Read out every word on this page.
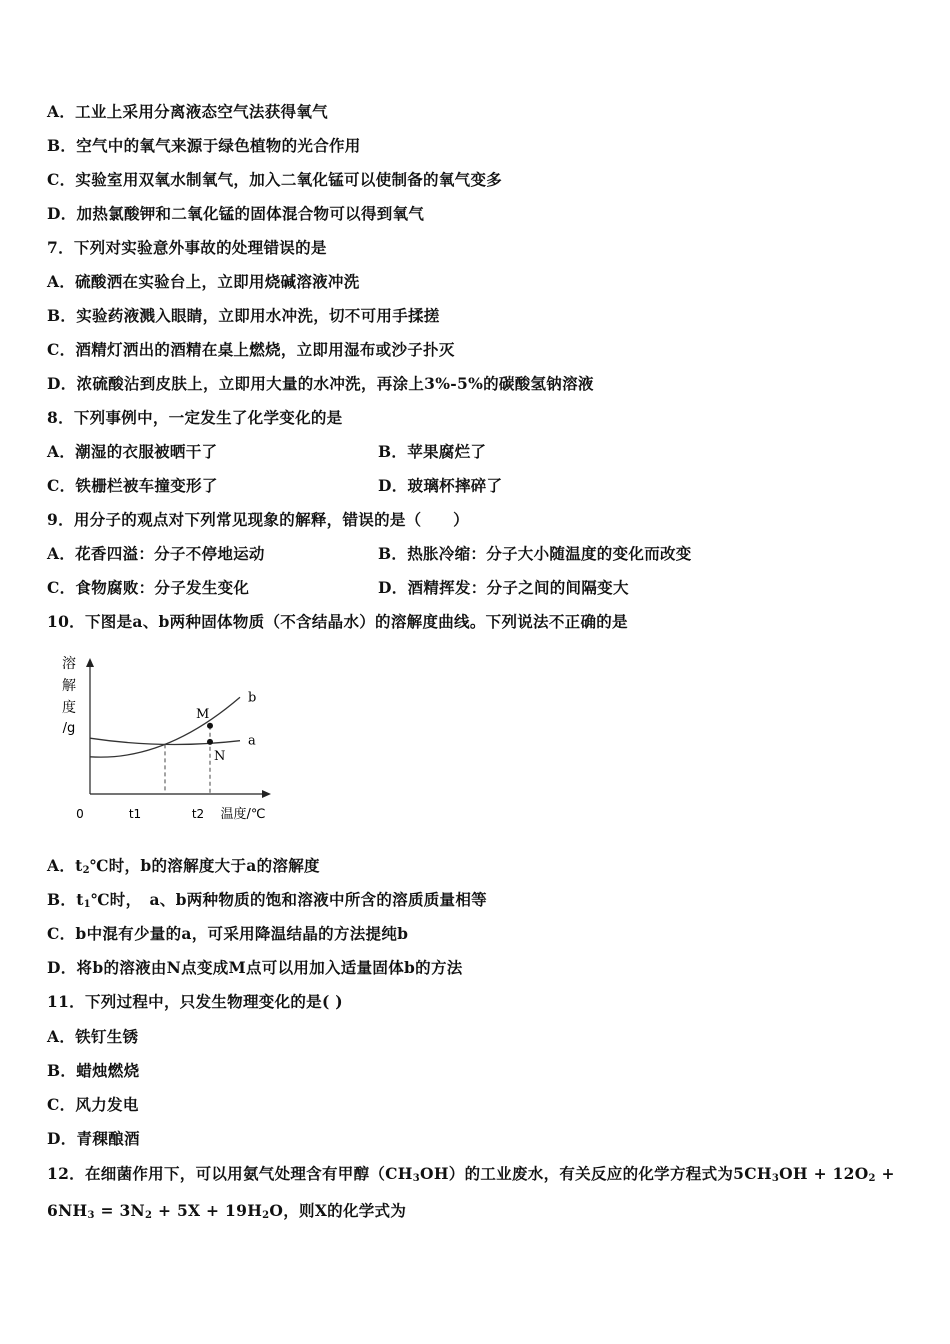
A．工业上采用分离液态空气法获得氧气
B．空气中的氧气来源于绿色植物的光合作用
C．实验室用双氧水制氧气，加入二氧化锰可以使制备的氧气变多
D．加热氯酸钾和二氧化锰的固体混合物可以得到氧气
7．下列对实验意外事故的处理错误的是
A．硫酸洒在实验台上，立即用烧碱溶液冲洗
B．实验药液溅入眼睛，立即用水冲洗，切不可用手揉搓
C．酒精灯洒出的酒精在桌上燃烧，立即用湿布或沙子扑灭
D．浓硫酸沾到皮肤上，立即用大量的水冲洗，再涂上3%-5%的碳酸氢钠溶液
8．下列事例中，一定发生了化学变化的是
A．潮湿的衣服被晒干了	B．苹果腐烂了
C．铁栅栏被车撞变形了	D．玻璃杯摔碎了
9．用分子的观点对下列常见现象的解释，错误的是（　　）
A．花香四溢：分子不停地运动	B．热胀冷缩：分子大小随温度的变化而改变
C．食物腐败：分子发生变化	D．酒精挥发：分子之间的间隔变大
10．下图是a、b两种固体物质（不含结晶水）的溶解度曲线。下列说法不正确的是
溶
解
度
/g
0	t1	t2 温度/℃
a
b
M
N
A．$t_2℃$时，b的溶解度大于a的溶解度
B．$t_1℃$时，　a、b两种物质的饱和溶液中所含的溶质质量相等
C．b中混有少量的a，可采用降温结晶的方法提纯b
D．将b的溶液由N点变成M点可以用加入适量固体b的方法
11．下列过程中，只发生物理变化的是( )
A．铁钉生锈
B．蜡烛燃烧
C．风力发电
D．青稞酿酒
12．在细菌作用下，可以用氨气处理含有甲醇$(CH_3OH)$的工业废水，有关反应的化学方程式为$5CH_3OH + 12O_2$ +
$6NH_3 = 3N_2 + 5X + 19H_2O$，则X的化学式为
